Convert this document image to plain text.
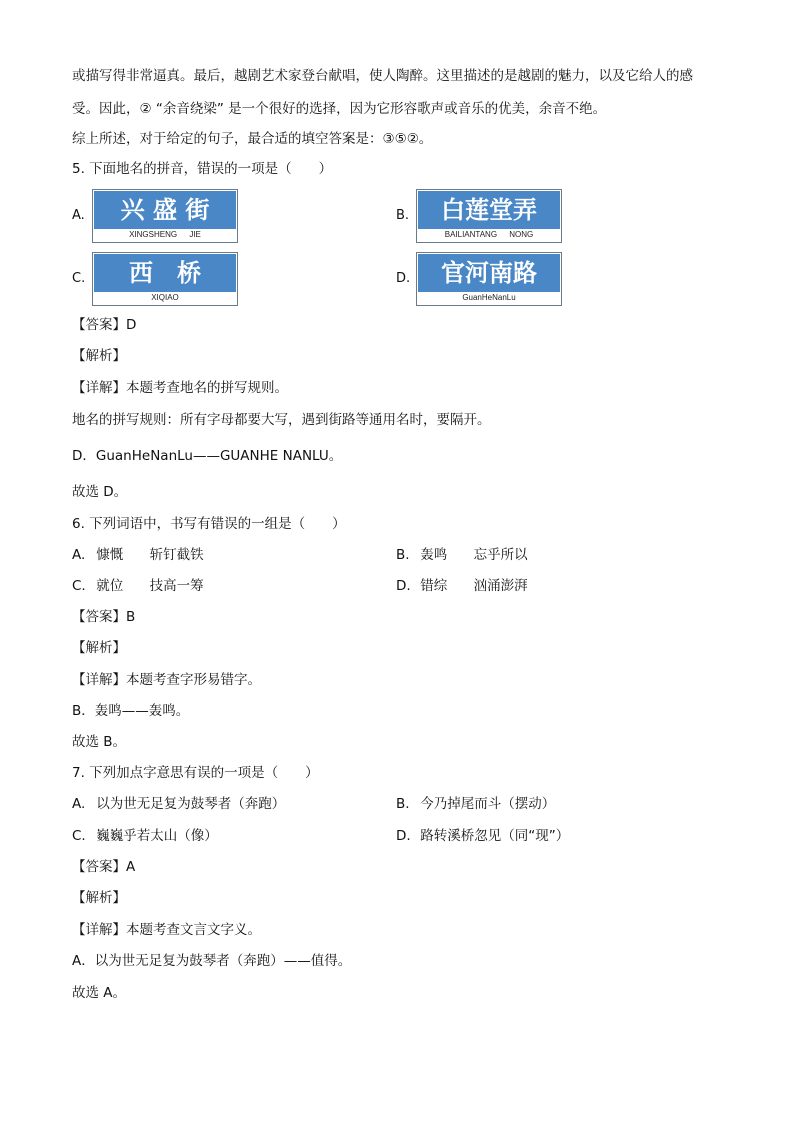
或描写得非常逼真。最后，越剧艺术家登台献唱，使人陶醉。这里描述的是越剧的魅力，以及它给人的感
受。因此，② “余音绕梁” 是一个很好的选择，因为它形容歌声或音乐的优美，余音不绝。
综上所述，对于给定的句子，最合适的填空答案是：③⑤②。
5. 下面地名的拼音，错误的一项是（　　）
A.	兴 盛 街
XINGSHENG JIE
B.	白莲堂弄
BAILIANTANG NONG
C.	西　桥
XIQIAO
D.	官河南路
GuanHeNanLu
【答案】D
【解析】
【详解】本题考查地名的拼写规则。
地名的拼写规则：所有字母都要大写，遇到街路等通用名时，要隔开。
D．GuanHeNanLu——GUANHE NANLU。
故选 D。
6. 下列词语中，书写有错误的一组是（　　）
A. 慷慨 斩钉截铁	B. 轰鸣 忘乎所以
C. 就位 技高一筹	D. 错综 汹涌澎湃
【答案】B
【解析】
【详解】本题考查字形易错字。
B．轰鸣——轰鸣。
故选 B。
7. 下列加点字意思有误的一项是（　　）
A. 以为世无足复为鼓琴者（奔跑）	B. 今乃掉尾而斗（摆动）
C. 巍巍乎若太山（像）	D. 路转溪桥忽见（同“现”）
【答案】A
【解析】
【详解】本题考查文言文字义。
A．以为世无足复为鼓琴者（奔跑）——值得。
故选 A。
